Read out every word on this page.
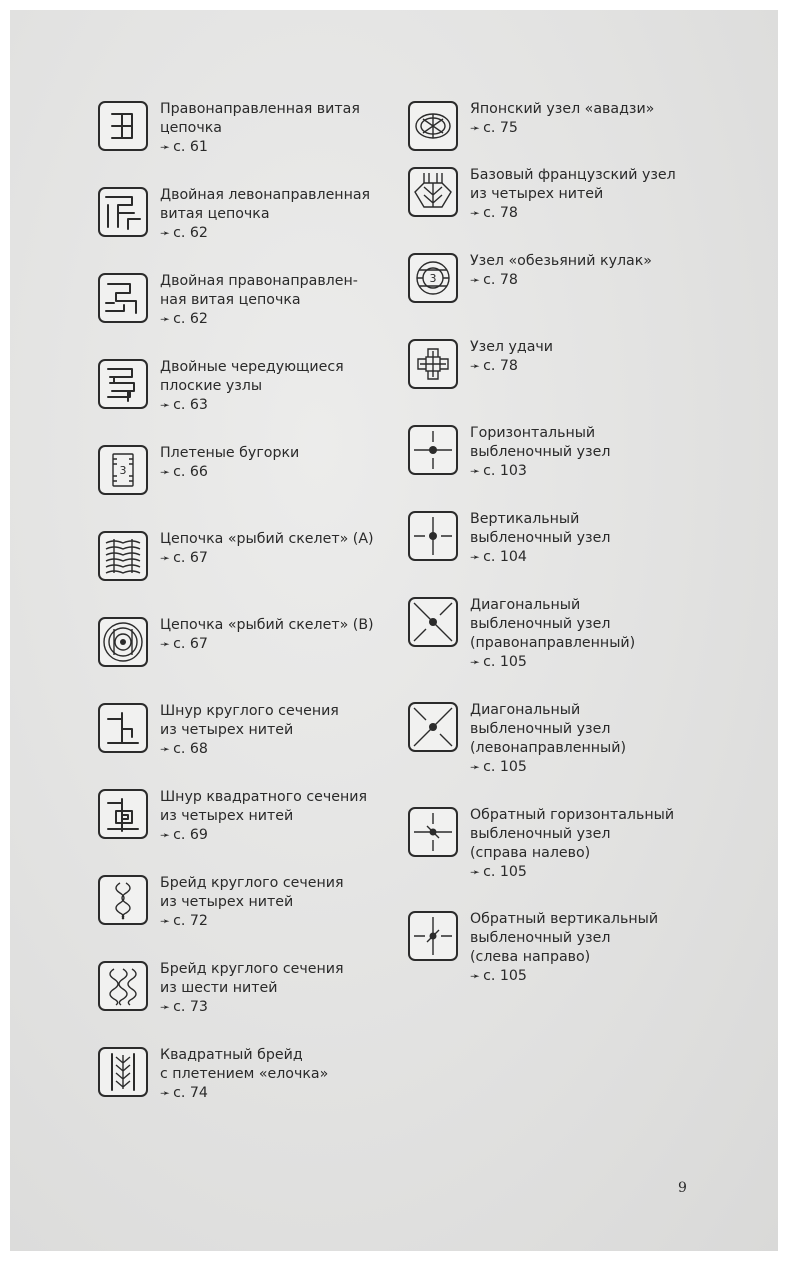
Правонаправленная витая
цепочка
➛ с. 61
Двойная левонаправленная
витая цепочка
➛ с. 62
Двойная правонаправлен-
ная витая цепочка
➛ с. 62
Двойные чередующиеся
плоские узлы
➛ с. 63
3
Плетеные бугорки
➛ с. 66
Цепочка «рыбий скелет» (A)
➛ с. 67
Цепочка «рыбий скелет» (B)
➛ с. 67
Шнур круглого сечения
из четырех нитей
➛ с. 68
Шнур квадратного сечения
из четырех нитей
➛ с. 69
Брейд круглого сечения
из четырех нитей
➛ с. 72
Брейд круглого сечения
из шести нитей
➛ с. 73
Квадратный брейд
с плетением «елочка»
➛ с. 74
Японский узел «авадзи»
➛ с. 75
Базовый французский узел
из четырех нитей
➛ с. 78
3
Узел «обезьяний кулак»
➛ с. 78
Узел удачи
➛ с. 78
Горизонтальный
выбленочный узел
➛ с. 103
Вертикальный
выбленочный узел
➛ с. 104
Диагональный
выбленочный узел
(правонаправленный)
➛ с. 105
Диагональный
выбленочный узел
(левонаправленный)
➛ с. 105
Обратный горизонтальный
выбленочный узел
(справа налево)
➛ с. 105
Обратный вертикальный
выбленочный узел
(слева направо)
➛ с. 105
9
